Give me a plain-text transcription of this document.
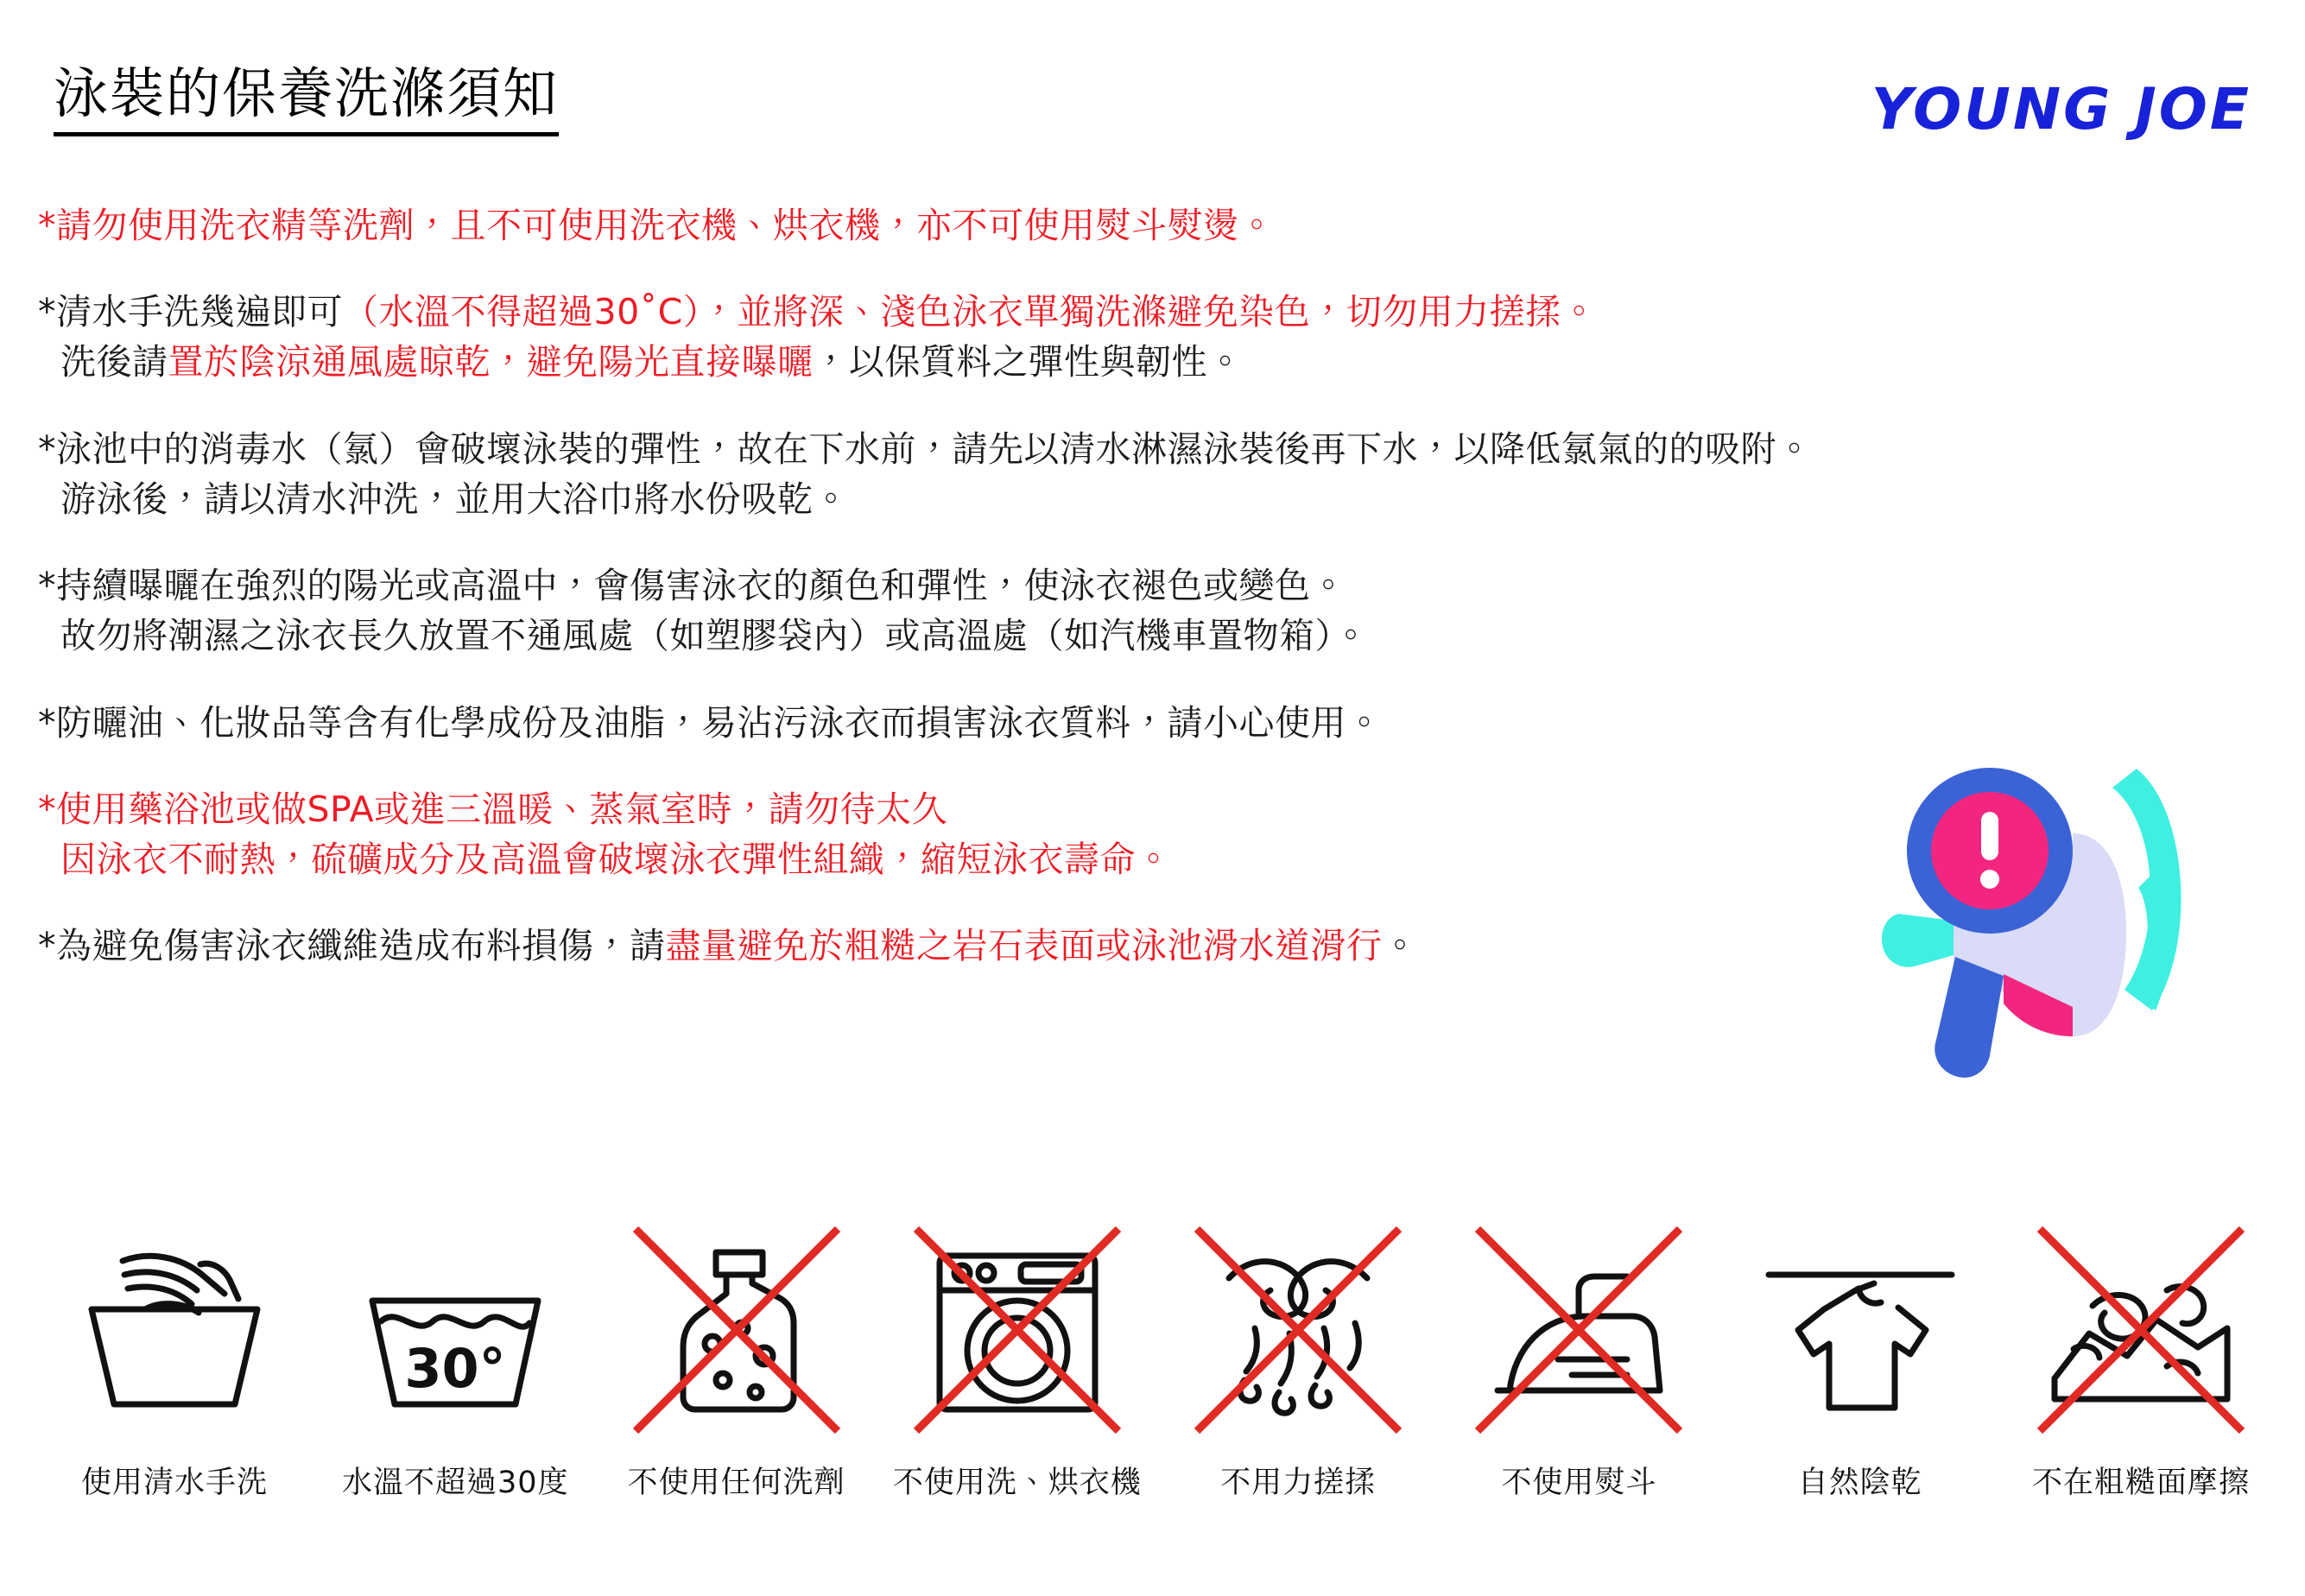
泳裝的保養洗滌須知	YOUNG JOE
*請勿使用洗衣精等洗劑，且不可使用洗衣機、烘衣機，亦不可使用熨斗熨燙。
*清水手洗幾遍即可（水溫不得超過30˚C），並將深、淺色泳衣單獨洗滌避免染色，切勿用力搓揉。
洗後請置於陰涼通風處晾乾，避免陽光直接曝曬，以保質料之彈性與韌性。
*泳池中的消毒水（氯）會破壞泳裝的彈性，故在下水前，請先以清水淋濕泳裝後再下水，以降低氯氣的的吸附。
游泳後，請以清水沖洗，並用大浴巾將水份吸乾。
*持續曝曬在強烈的陽光或高溫中，會傷害泳衣的顏色和彈性，使泳衣褪色或變色。
故勿將潮濕之泳衣長久放置不通風處（如塑膠袋內）或高溫處（如汽機車置物箱）。
*防曬油、化妝品等含有化學成份及油脂，易沾污泳衣而損害泳衣質料，請小心使用。
*使用藥浴池或做SPA或進三溫暖、蒸氣室時，請勿待太久
因泳衣不耐熱，硫礦成分及高溫會破壞泳衣彈性組織，縮短泳衣壽命。
*為避免傷害泳衣纖維造成布料損傷，請盡量避免於粗糙之岩石表面或泳池滑水道滑行。
使用清水手洗
30°
水溫不超過30度 不使用任何洗劑 不使用洗、烘衣機	不用力搓揉	不使用熨斗	自然陰乾	不在粗糙面摩擦
